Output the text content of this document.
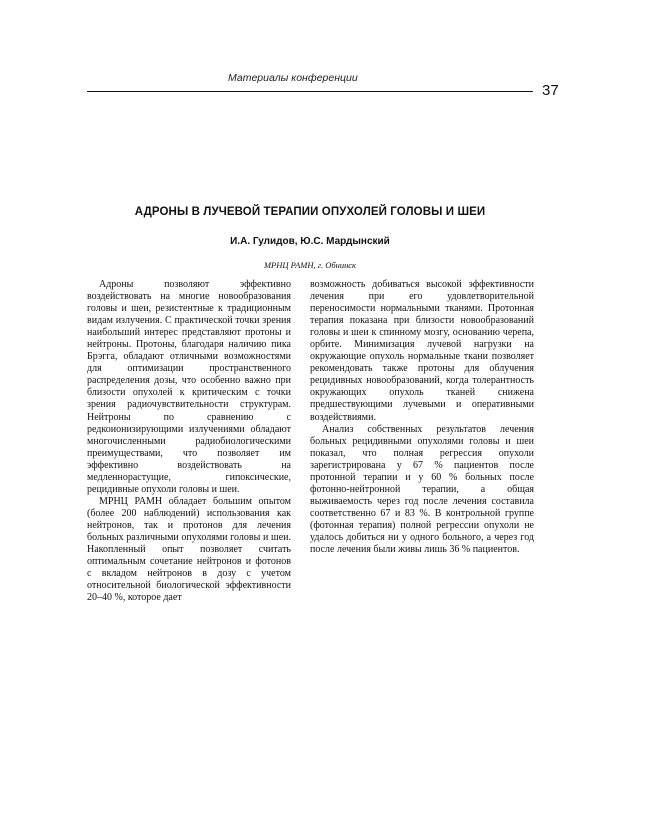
Материалы конференции
37
АДРОНЫ В ЛУЧЕВОЙ ТЕРАПИИ ОПУХОЛЕЙ ГОЛОВЫ И ШЕИ
И.А. Гулидов, Ю.С. Мардынский
МРНЦ РАМН, г. Обнинск

Адроны позволяют эффективно воздействовать на многие новообразования головы и шеи, резистентные к традиционным видам излучения. С практической точки зрения наибольший интерес представляют протоны и нейтроны. Протоны, благодаря наличию пика Брэгга, обладают отличными возможностями для оптимизации пространственного распределения дозы, что особенно важно при близости опухолей к критическим с точки зрения радиочувствительности структурам. Нейтроны по сравнению с редкоионизирующими излучениями обладают многочисленными радиобиологическими преимуществами, что позволяет им эффективно воздействовать на медленнорастущие, гипоксические, рецидивные опухоли головы и шеи.

МРНЦ РАМН обладает большим опытом (более 200 наблюдений) использования как нейтронов, так и протонов для лечения больных различными опухолями головы и шеи. Накопленный опыт позволяет считать оптимальным сочетание нейтронов и фотонов с вкладом нейтронов в дозу с учетом относительной биологической эффективности 20–40 %, которое дает

возможность добиваться высокой эффективности лечения при его удовлетворительной переносимости нормальными тканями. Протонная терапия показана при близости новообразований головы и шеи к спинному мозгу, основанию черепа, орбите. Минимизация лучевой нагрузки на окружающие опухоль нормальные ткани позволяет рекомендовать также протоны для облучения рецидивных новообразований, когда толерантность окружающих опухоль тканей снижена предшествующими лучевыми и оперативными воздействиями.

Анализ собственных результатов лечения больных рецидивными опухолями головы и шеи показал, что полная регрессия опухоли зарегистрирована у 67 % пациентов после протонной терапии и у 60 % больных после фотонно-нейтронной терапии, а общая выживаемость через год после лечения составила соответственно 67 и 83 %. В контрольной группе (фотонная терапия) полной регрессии опухоли не удалось добиться ни у одного больного, а через год после лечения были живы лишь 36 % пациентов.
